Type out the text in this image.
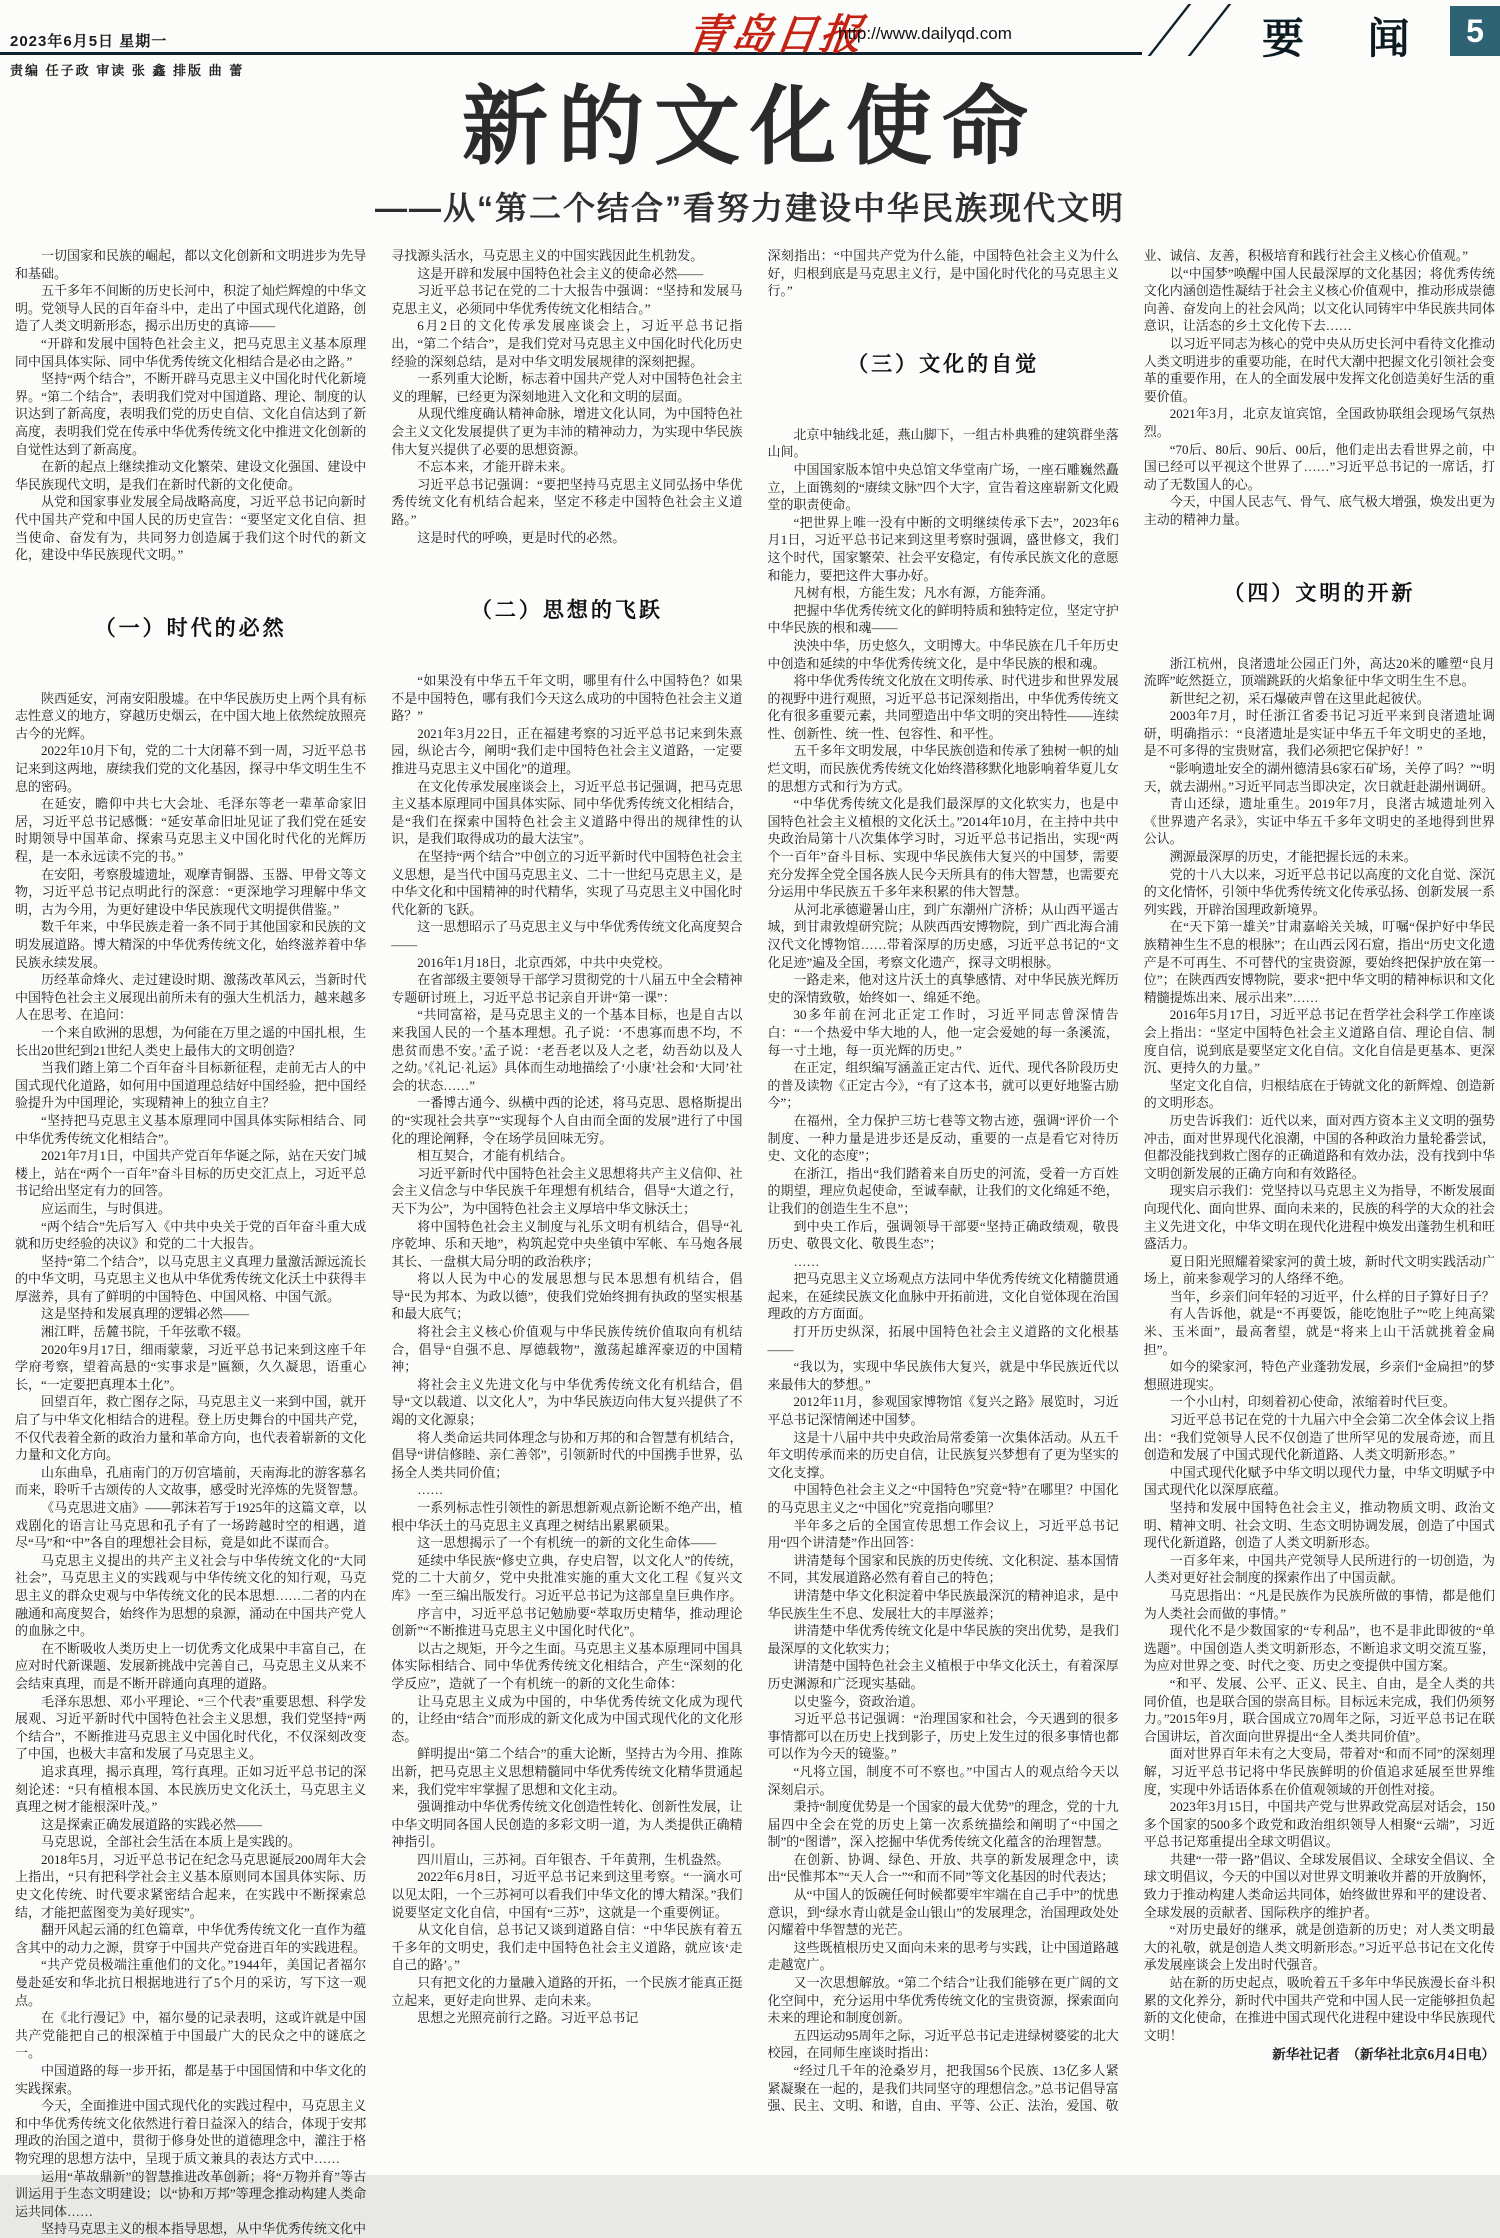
2023年6月5日 星期一
责编 任子政 审读 张 鑫 排版 曲 蕾
青岛日报
http://www.dailyqd.com	要 闻 5
新的文化使命
——从“第二个结合”看努力建设中华民族现代文明

一切国家和民族的崛起，都以文化创新和文明进步为先导和基础。

五千多年不间断的历史长河中，积淀了灿烂辉煌的中华文明。党领导人民的百年奋斗中，走出了中国式现代化道路，创造了人类文明新形态，揭示出历史的真谛——

“开辟和发展中国特色社会主义，把马克思主义基本原理同中国具体实际、同中华优秀传统文化相结合是必由之路。”

坚持“两个结合”，不断开辟马克思主义中国化时代化新境界。“第二个结合”，表明我们党对中国道路、理论、制度的认识达到了新高度，表明我们党的历史自信、文化自信达到了新高度，表明我们党在传承中华优秀传统文化中推进文化创新的自觉性达到了新高度。

在新的起点上继续推动文化繁荣、建设文化强国、建设中华民族现代文明，是我们在新时代新的文化使命。

从党和国家事业发展全局战略高度，习近平总书记向新时代中国共产党和中国人民的历史宣告：“要坚定文化自信、担当使命、奋发有为，共同努力创造属于我们这个时代的新文化，建设中华民族现代文明。”

（一）时代的必然

陕西延安，河南安阳殷墟。在中华民族历史上两个具有标志性意义的地方，穿越历史烟云，在中国大地上依然绽放照亮古今的光辉。

2022年10月下旬，党的二十大闭幕不到一周，习近平总书记来到这两地，赓续我们党的文化基因，探寻中华文明生生不息的密码。

在延安，瞻仰中共七大会址、毛泽东等老一辈革命家旧居，习近平总书记感慨：“延安革命旧址见证了我们党在延安时期领导中国革命、探索马克思主义中国化时代化的光辉历程，是一本永远读不完的书。”

在安阳，考察殷墟遗址，观摩青铜器、玉器、甲骨文等文物，习近平总书记点明此行的深意：“更深地学习理解中华文明，古为今用，为更好建设中华民族现代文明提供借鉴。”

数千年来，中华民族走着一条不同于其他国家和民族的文明发展道路。博大精深的中华优秀传统文化，始终滋养着中华民族永续发展。

历经革命烽火、走过建设时期、激荡改革风云，当新时代中国特色社会主义展现出前所未有的强大生机活力，越来越多人在思考、在追问：

一个来自欧洲的思想，为何能在万里之遥的中国扎根，生长出20世纪到21世纪人类史上最伟大的文明创造？

当我们踏上第二个百年奋斗目标新征程，走前无古人的中国式现代化道路，如何用中国道理总结好中国经验，把中国经验提升为中国理论，实现精神上的独立自主？

“坚持把马克思主义基本原理同中国具体实际相结合、同中华优秀传统文化相结合”。

2021年7月1日，中国共产党百年华诞之际，站在天安门城楼上，站在“两个一百年”奋斗目标的历史交汇点上，习近平总书记给出坚定有力的回答。

应运而生，与时俱进。

“两个结合”先后写入《中共中央关于党的百年奋斗重大成就和历史经验的决议》和党的二十大报告。

坚持“第二个结合”，以马克思主义真理力量激活源远流长的中华文明，马克思主义也从中华优秀传统文化沃土中获得丰厚滋养，具有了鲜明的中国特色、中国风格、中国气派。

这是坚持和发展真理的逻辑必然——

湘江畔，岳麓书院，千年弦歌不辍。

2020年9月17日，细雨蒙蒙，习近平总书记来到这座千年学府考察，望着高悬的“实事求是”匾额，久久凝思，语重心长，“一定要把真理本土化”。

回望百年，救亡图存之际，马克思主义一来到中国，就开启了与中华文化相结合的进程。登上历史舞台的中国共产党，不仅代表着全新的政治力量和革命方向，也代表着崭新的文化力量和文化方向。

山东曲阜，孔庙南门的万仞宫墙前，天南海北的游客慕名而来，聆听千古颂传的人文故事，感受时光淬炼的先贤智慧。

《马克思进文庙》——郭沫若写于1925年的这篇文章，以戏剧化的语言让马克思和孔子有了一场跨越时空的相遇，道尽“马”和“中”各自的理想社会目标，竟是如此不谋而合。

马克思主义提出的共产主义社会与中华传统文化的“大同社会”，马克思主义的实践观与中华传统文化的知行观，马克思主义的群众史观与中华传统文化的民本思想……二者的内在融通和高度契合，始终作为思想的泉源，涌动在中国共产党人的血脉之中。

在不断吸收人类历史上一切优秀文化成果中丰富自己，在应对时代新课题、发展新挑战中完善自己，马克思主义从来不会结束真理，而是不断开辟通向真理的道路。

毛泽东思想、邓小平理论、“三个代表”重要思想、科学发展观、习近平新时代中国特色社会主义思想，我们党坚持“两个结合”，不断推进马克思主义中国化时代化，不仅深刻改变了中国，也极大丰富和发展了马克思主义。

追求真理，揭示真理，笃行真理。正如习近平总书记的深刻论述：“只有植根本国、本民族历史文化沃土，马克思主义真理之树才能根深叶茂。”

这是探索正确发展道路的实践必然——

马克思说，全部社会生活在本质上是实践的。

2018年5月，习近平总书记在纪念马克思诞辰200周年大会上指出，“只有把科学社会主义基本原则同本国具体实际、历史文化传统、时代要求紧密结合起来，在实践中不断探索总结，才能把蓝图变为美好现实”。

翻开风起云涌的红色篇章，中华优秀传统文化一直作为蕴含其中的动力之源，贯穿于中国共产党奋进百年的实践进程。

“共产党员极端注重他们的文化。”1944年，美国记者福尔曼赴延安和华北抗日根据地进行了5个月的采访，写下这一观点。

在《北行漫记》中，福尔曼的记录表明，这或许就是中国共产党能把自己的根深植于中国最广大的民众之中的谜底之一。

中国道路的每一步开拓，都是基于中国国情和中华文化的实践探索。

今天，全面推进中国式现代化的实践过程中，马克思主义和中华优秀传统文化依然进行着日益深入的结合，体现于安邦理政的治国之道中，贯彻于修身处世的道德理念中，灌注于格物究理的思想方法中，呈现于质文兼具的表达方式中……

运用“革故鼎新”的智慧推进改革创新；将“万物并育”等古训运用于生态文明建设；以“协和万邦”等理念推动构建人类命运共同体……

坚持马克思主义的根本指导思想，从中华优秀传统文化中

寻找源头活水，马克思主义的中国实践因此生机勃发。

这是开辟和发展中国特色社会主义的使命必然——

习近平总书记在党的二十大报告中强调：“坚持和发展马克思主义，必须同中华优秀传统文化相结合。”

6月2日的文化传承发展座谈会上，习近平总书记指出，“第二个结合”，是我们党对马克思主义中国化时代化历史经验的深刻总结，是对中华文明发展规律的深刻把握。

一系列重大论断，标志着中国共产党人对中国特色社会主义的理解，已经更为深刻地进入文化和文明的层面。

从现代维度确认精神命脉，增进文化认同，为中国特色社会主义文化发展提供了更为丰沛的精神动力，为实现中华民族伟大复兴提供了必要的思想资源。

不忘本来，才能开辟未来。

习近平总书记强调：“要把坚持马克思主义同弘扬中华优秀传统文化有机结合起来，坚定不移走中国特色社会主义道路。”

这是时代的呼唤，更是时代的必然。

（二）思想的飞跃

“如果没有中华五千年文明，哪里有什么中国特色？如果不是中国特色，哪有我们今天这么成功的中国特色社会主义道路？”

2021年3月22日，正在福建考察的习近平总书记来到朱熹园，纵论古今，阐明“我们走中国特色社会主义道路，一定要推进马克思主义中国化”的道理。

在文化传承发展座谈会上，习近平总书记强调，把马克思主义基本原理同中国具体实际、同中华优秀传统文化相结合，是“我们在探索中国特色社会主义道路中得出的规律性的认识，是我们取得成功的最大法宝”。

在坚持“两个结合”中创立的习近平新时代中国特色社会主义思想，是当代中国马克思主义、二十一世纪马克思主义，是中华文化和中国精神的时代精华，实现了马克思主义中国化时代化新的飞跃。

这一思想昭示了马克思主义与中华优秀传统文化高度契合——

2016年1月18日，北京西郊，中共中央党校。

在省部级主要领导干部学习贯彻党的十八届五中全会精神专题研讨班上，习近平总书记亲自开讲“第一课”：

“共同富裕，是马克思主义的一个基本目标，也是自古以来我国人民的一个基本理想。孔子说：‘不患寡而患不均，不患贫而患不安。’孟子说：‘老吾老以及人之老，幼吾幼以及人之幼。’《礼记·礼运》具体而生动地描绘了‘小康’社会和‘大同’社会的状态……”

一番博古通今、纵横中西的论述，将马克思、恩格斯提出的“实现社会共享”“实现每个人自由而全面的发展”进行了中国化的理论阐释，令在场学员回味无穷。

相互契合，才能有机结合。

习近平新时代中国特色社会主义思想将共产主义信仰、社会主义信念与中华民族千年理想有机结合，倡导“大道之行，天下为公”，为中国特色社会主义厚培中华文脉沃土；

将中国特色社会主义制度与礼乐文明有机结合，倡导“礼序乾坤、乐和天地”，构筑起党中央坐镇中军帐、车马炮各展其长、一盘棋大局分明的政治秩序；

将以人民为中心的发展思想与民本思想有机结合，倡导“民为邦本、为政以德”，使我们党始终拥有执政的坚实根基和最大底气；

将社会主义核心价值观与中华民族传统价值取向有机结合，倡导“自强不息、厚德载物”，激荡起雄浑豪迈的中国精神；

将社会主义先进文化与中华优秀传统文化有机结合，倡导“文以载道、以文化人”，为中华民族迈向伟大复兴提供了不竭的文化源泉；

将人类命运共同体理念与协和万邦的和合智慧有机结合，倡导“讲信修睦、亲仁善邻”，引领新时代的中国携手世界，弘扬全人类共同价值；

……

一系列标志性引领性的新思想新观点新论断不绝产出，植根中华沃土的马克思主义真理之树结出累累硕果。

这一思想揭示了一个有机统一的新的文化生命体——

延续中华民族“修史立典，存史启智，以文化人”的传统，党的二十大前夕，党中央批准实施的重大文化工程《复兴文库》一至三编出版发行。习近平总书记为这部皇皇巨典作序。

序言中，习近平总书记勉励要“萃取历史精华，推动理论创新”“不断推进马克思主义中国化时代化”。

以古之规矩，开今之生面。马克思主义基本原理同中国具体实际相结合、同中华优秀传统文化相结合，产生“深刻的化学反应”，造就了一个有机统一的新的文化生命体：

让马克思主义成为中国的，中华优秀传统文化成为现代的，让经由“结合”而形成的新文化成为中国式现代化的文化形态。

鲜明提出“第二个结合”的重大论断，坚持古为今用、推陈出新，把马克思主义思想精髓同中华优秀传统文化精华贯通起来，我们党牢牢掌握了思想和文化主动。

强调推动中华优秀传统文化创造性转化、创新性发展，让中华文明同各国人民创造的多彩文明一道，为人类提供正确精神指引。

四川眉山，三苏祠。百年银杏、千年黄荆，生机盎然。

2022年6月8日，习近平总书记来到这里考察。“一滴水可以见太阳，一个三苏祠可以看我们中华文化的博大精深。”我们说要坚定文化自信，中国有“三苏”，这就是一个重要例证。

从文化自信，总书记又谈到道路自信：“中华民族有着五千多年的文明史，我们走中国特色社会主义道路，就应该‘走自己的路’。”

只有把文化的力量融入道路的开拓，一个民族才能真正挺立起来，更好走向世界、走向未来。

思想之光照亮前行之路。习近平总书记

深刻指出：“中国共产党为什么能，中国特色社会主义为什么好，归根到底是马克思主义行，是中国化时代化的马克思主义行。”

（三）文化的自觉

北京中轴线北延，燕山脚下，一组古朴典雅的建筑群坐落山间。

中国国家版本馆中央总馆文华堂南广场，一座石雕巍然矗立，上面镌刻的“赓续文脉”四个大字，宣告着这座崭新文化殿堂的职责使命。

“把世界上唯一没有中断的文明继续传承下去”，2023年6月1日，习近平总书记来到这里考察时强调，盛世修文，我们这个时代，国家繁荣、社会平安稳定，有传承民族文化的意愿和能力，要把这件大事办好。

凡树有根，方能生发；凡水有源，方能奔涌。

把握中华优秀传统文化的鲜明特质和独特定位，坚定守护中华民族的根和魂——

泱泱中华，历史悠久，文明博大。中华民族在几千年历史中创造和延续的中华优秀传统文化，是中华民族的根和魂。

将中华优秀传统文化放在文明传承、时代进步和世界发展的视野中进行观照，习近平总书记深刻指出，中华优秀传统文化有很多重要元素，共同塑造出中华文明的突出特性——连续性、创新性、统一性、包容性、和平性。

五千多年文明发展，中华民族创造和传承了独树一帜的灿烂文明，而民族优秀传统文化始终潜移默化地影响着华夏儿女的思想方式和行为方式。

“中华优秀传统文化是我们最深厚的文化软实力，也是中国特色社会主义植根的文化沃土。”2014年10月，在主持中共中央政治局第十八次集体学习时，习近平总书记指出，实现“两个一百年”奋斗目标、实现中华民族伟大复兴的中国梦，需要充分发挥全党全国各族人民今天所具有的伟大智慧，也需要充分运用中华民族五千多年来积累的伟大智慧。

从河北承德避暑山庄，到广东潮州广济桥；从山西平遥古城，到甘肃敦煌研究院；从陕西西安博物院，到广西北海合浦汉代文化博物馆……带着深厚的历史感，习近平总书记的“文化足迹”遍及全国，考察文化遗产，探寻文明根脉。

一路走来，他对这片沃土的真挚感情、对中华民族光辉历史的深情致敬，始终如一、绵延不绝。

30多年前在河北正定工作时，习近平同志曾深情告白：“一个热爱中华大地的人，他一定会爱她的每一条溪流，每一寸土地，每一页光辉的历史。”

在正定，组织编写涵盖正定古代、近代、现代各阶段历史的普及读物《正定古今》，“有了这本书，就可以更好地鉴古励今”；

在福州，全力保护三坊七巷等文物古迹，强调“评价一个制度、一种力量是进步还是反动，重要的一点是看它对待历史、文化的态度”；

在浙江，指出“我们踏着来自历史的河流，受着一方百姓的期望，理应负起使命，至诚奉献，让我们的文化绵延不绝，让我们的创造生生不息”；

到中央工作后，强调领导干部要“坚持正确政绩观，敬畏历史、敬畏文化、敬畏生态”；

……

把马克思主义立场观点方法同中华优秀传统文化精髓贯通起来，在延续民族文化血脉中开拓前进，文化自觉体现在治国理政的方方面面。

打开历史纵深，拓展中国特色社会主义道路的文化根基——

“我以为，实现中华民族伟大复兴，就是中华民族近代以来最伟大的梦想。”

2012年11月，参观国家博物馆《复兴之路》展览时，习近平总书记深情阐述中国梦。

这是十八届中共中央政治局常委第一次集体活动。从五千年文明传承而来的历史自信，让民族复兴梦想有了更为坚实的文化支撑。

中国特色社会主义之“中国特色”究竟“特”在哪里？中国化的马克思主义之“中国化”究竟指向哪里？

半年多之后的全国宣传思想工作会议上，习近平总书记用“四个讲清楚”作出回答：

讲清楚每个国家和民族的历史传统、文化积淀、基本国情不同，其发展道路必然有着自己的特色；

讲清楚中华文化积淀着中华民族最深沉的精神追求，是中华民族生生不息、发展壮大的丰厚滋养；

讲清楚中华优秀传统文化是中华民族的突出优势，是我们最深厚的文化软实力；

讲清楚中国特色社会主义植根于中华文化沃土，有着深厚历史渊源和广泛现实基础。

以史鉴今，资政治道。

习近平总书记强调：“治理国家和社会，今天遇到的很多事情都可以在历史上找到影子，历史上发生过的很多事情也都可以作为今天的镜鉴。”

“凡将立国，制度不可不察也。”中国古人的观点给今天以深刻启示。

秉持“制度优势是一个国家的最大优势”的理念，党的十九届四中全会在党的历史上第一次系统描绘和阐明了“中国之制”的“图谱”，深入挖掘中华优秀传统文化蕴含的治理智慧。

在创新、协调、绿色、开放、共享的新发展理念中，读出“民惟邦本”“天人合一”“和而不同”等文化基因的时代表达；

从“中国人的饭碗任何时候都要牢牢端在自己手中”的忧患意识，到“绿水青山就是金山银山”的发展理念，治国理政处处闪耀着中华智慧的光芒。

这些既植根历史又面向未来的思考与实践，让中国道路越走越宽广。

又一次思想解放。“第二个结合”让我们能够在更广阔的文化空间中，充分运用中华优秀传统文化的宝贵资源，探索面向未来的理论和制度创新。

五四运动95周年之际，习近平总书记走进绿树婆娑的北大校园，在同师生座谈时指出：

“经过几千年的沧桑岁月，把我国56个民族、13亿多人紧紧凝聚在一起的，是我们共同坚守的理想信念。”总书记倡导富强、民主、文明、和谐，自由、平等、公正、法治，爱国、敬

业、诚信、友善，积极培育和践行社会主义核心价值观。”

以“中国梦”唤醒中国人民最深厚的文化基因；将优秀传统文化内涵创造性凝结于社会主义核心价值观中，推动形成崇德向善、奋发向上的社会风尚；以文化认同铸牢中华民族共同体意识，让活态的乡土文化传下去……

以习近平同志为核心的党中央从历史长河中看待文化推动人类文明进步的重要功能，在时代大潮中把握文化引领社会变革的重要作用，在人的全面发展中发挥文化创造美好生活的重要价值。

2021年3月，北京友谊宾馆，全国政协联组会现场气氛热烈。

“70后、80后、90后、00后，他们走出去看世界之前，中国已经可以平视这个世界了……”习近平总书记的一席话，打动了无数国人的心。

今天，中国人民志气、骨气、底气极大增强，焕发出更为主动的精神力量。

（四）文明的开新

浙江杭州，良渚遗址公园正门外，高达20米的雕塑“良月流晖”屹然挺立，顶端跳跃的火焰象征中华文明生生不息。

新世纪之初，采石爆破声曾在这里此起彼伏。

2003年7月，时任浙江省委书记习近平来到良渚遗址调研，明确指示：“良渚遗址是实证中华五千年文明史的圣地，是不可多得的宝贵财富，我们必须把它保护好！”

“影响遗址安全的湖州德清县6家石矿场，关停了吗？”“明天，就去湖州。”习近平同志当即决定，次日就赶赴湖州调研。

青山还绿，遗址重生。2019年7月，良渚古城遗址列入《世界遗产名录》，实证中华五千多年文明史的圣地得到世界公认。

溯源最深厚的历史，才能把握长远的未来。

党的十八大以来，习近平总书记以高度的文化自觉、深沉的文化情怀，引领中华优秀传统文化传承弘扬、创新发展一系列实践，开辟治国理政新境界。

在“天下第一雄关”甘肃嘉峪关关城，叮嘱“保护好中华民族精神生生不息的根脉”；在山西云冈石窟，指出“历史文化遗产是不可再生、不可替代的宝贵资源，要始终把保护放在第一位”；在陕西西安博物院，要求“把中华文明的精神标识和文化精髓提炼出来、展示出来”……

2016年5月17日，习近平总书记在哲学社会科学工作座谈会上指出：“坚定中国特色社会主义道路自信、理论自信、制度自信，说到底是要坚定文化自信。文化自信是更基本、更深沉、更持久的力量。”

坚定文化自信，归根结底在于铸就文化的新辉煌、创造新的文明形态。

历史告诉我们：近代以来，面对西方资本主义文明的强势冲击，面对世界现代化浪潮，中国的各种政治力量轮番尝试，但都没能找到救亡图存的正确道路和有效办法，没有找到中华文明创新发展的正确方向和有效路径。

现实启示我们：党坚持以马克思主义为指导，不断发展面向现代化、面向世界、面向未来的，民族的科学的大众的社会主义先进文化，中华文明在现代化进程中焕发出蓬勃生机和旺盛活力。

夏日阳光照耀着梁家河的黄土坡，新时代文明实践活动广场上，前来参观学习的人络绎不绝。

当年，乡亲们问年轻的习近平，什么样的日子算好日子？

有人告诉他，就是“不再要饭，能吃饱肚子”“吃上纯高粱米、玉米面”，最高奢望，就是“将来上山干活就挑着金扁担”。

如今的梁家河，特色产业蓬勃发展，乡亲们“金扁担”的梦想照进现实。

一个小山村，印刻着初心使命，浓缩着时代巨变。

习近平总书记在党的十九届六中全会第二次全体会议上指出：“我们党领导人民不仅创造了世所罕见的发展奇迹，而且创造和发展了中国式现代化新道路、人类文明新形态。”

中国式现代化赋予中华文明以现代力量，中华文明赋予中国式现代化以深厚底蕴。

坚持和发展中国特色社会主义，推动物质文明、政治文明、精神文明、社会文明、生态文明协调发展，创造了中国式现代化新道路，创造了人类文明新形态。

一百多年来，中国共产党领导人民所进行的一切创造，为人类对更好社会制度的探索作出了中国贡献。

马克思指出：“凡是民族作为民族所做的事情，都是他们为人类社会而做的事情。”

现代化不是少数国家的“专利品”，也不是非此即彼的“单选题”。中国创造人类文明新形态，不断追求文明交流互鉴，为应对世界之变、时代之变、历史之变提供中国方案。

“和平、发展、公平、正义、民主、自由，是全人类的共同价值，也是联合国的崇高目标。目标远未完成，我们仍须努力。”2015年9月，联合国成立70周年之际，习近平总书记在联合国讲坛，首次面向世界提出“全人类共同价值”。

面对世界百年未有之大变局，带着对“和而不同”的深刻理解，习近平总书记将中华民族鲜明的价值追求延展至世界维度，实现中外话语体系在价值观领域的开创性对接。

2023年3月15日，中国共产党与世界政党高层对话会，150多个国家的500多个政党和政治组织领导人相聚“云端”，习近平总书记郑重提出全球文明倡议。

共建“一带一路”倡议、全球发展倡议、全球安全倡议、全球文明倡议，今天的中国以对世界文明兼收并蓄的开放胸怀，致力于推动构建人类命运共同体，始终做世界和平的建设者、全球发展的贡献者、国际秩序的维护者。

“对历史最好的继承，就是创造新的历史；对人类文明最大的礼敬，就是创造人类文明新形态。”习近平总书记在文化传承发展座谈会上发出时代强音。

站在新的历史起点，吸吮着五千多年中华民族漫长奋斗积累的文化养分，新时代中国共产党和中国人民一定能够担负起新的文化使命，在推进中国式现代化进程中建设中华民族现代文明！

新华社记者　（新华社北京6月4日电）
